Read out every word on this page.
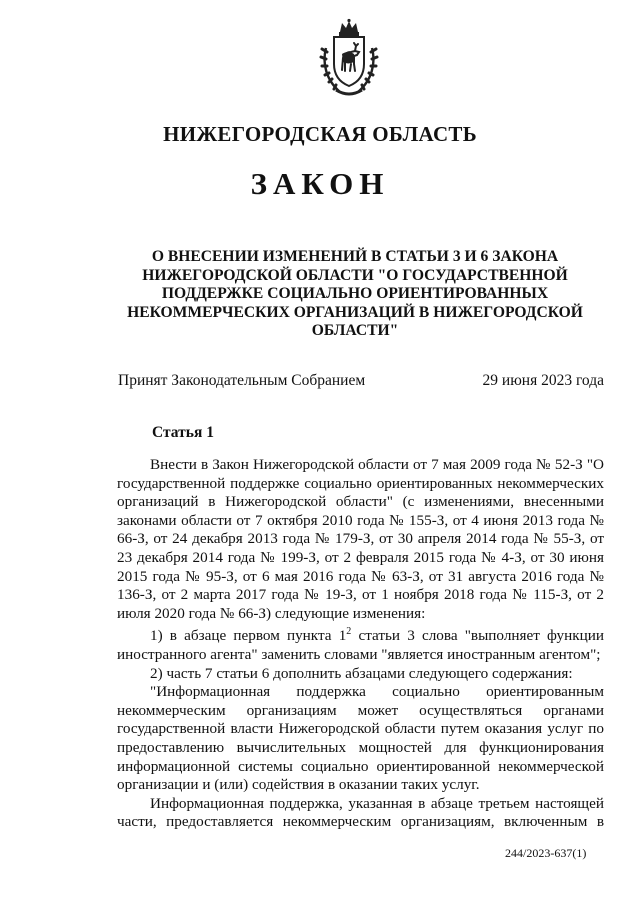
НИЖЕГОРОДСКАЯ ОБЛАСТЬ
ЗАКОН
О ВНЕСЕНИИ ИЗМЕНЕНИЙ В СТАТЬИ 3 И 6 ЗАКОНА НИЖЕГОРОДСКОЙ ОБЛАСТИ "О ГОСУДАРСТВЕННОЙ ПОДДЕРЖКЕ СОЦИАЛЬНО ОРИЕНТИРОВАННЫХ НЕКОММЕРЧЕСКИХ ОРГАНИЗАЦИЙ В НИЖЕГОРОДСКОЙ ОБЛАСТИ"
Принят Законодательным Собранием	29 июня 2023 года
Статья 1

Внести в Закон Нижегородской области от 7 мая 2009 года № 52-З "О государственной поддержке социально ориентированных некоммерческих организаций в Нижегородской области" (с изменениями, внесенными законами области от 7 октября 2010 года № 155-З, от 4 июня 2013 года № 66-З, от 24 декабря 2013 года № 179-З, от 30 апреля 2014 года № 55-З, от 23 декабря 2014 года № 199-З, от 2 февраля 2015 года № 4-З, от 30 июня 2015 года № 95-З, от 6 мая 2016 года № 63-З, от 31 августа 2016 года № 136-З, от 2 марта 2017 года № 19-З, от 1 ноября 2018 года № 115-З, от 2 июля 2020 года № 66-З) следующие изменения:

1) в абзаце первом пункта $1^2$ статьи 3 слова "выполняет функции иностранного агента" заменить словами "является иностранным агентом";

2) часть 7 статьи 6 дополнить абзацами следующего содержания:

"Информационная поддержка социально ориентированным некоммерческим организациям может осуществляться органами государственной власти Нижегородской области путем оказания услуг по предоставлению вычислительных мощностей для функционирования информационной системы социально ориентированной некоммерческой организации и (или) содействия в оказании таких услуг.

Информационная поддержка, указанная в абзаце третьем настоящей части, предоставляется некоммерческим организациям, включенным в

244/2023-637(1)
